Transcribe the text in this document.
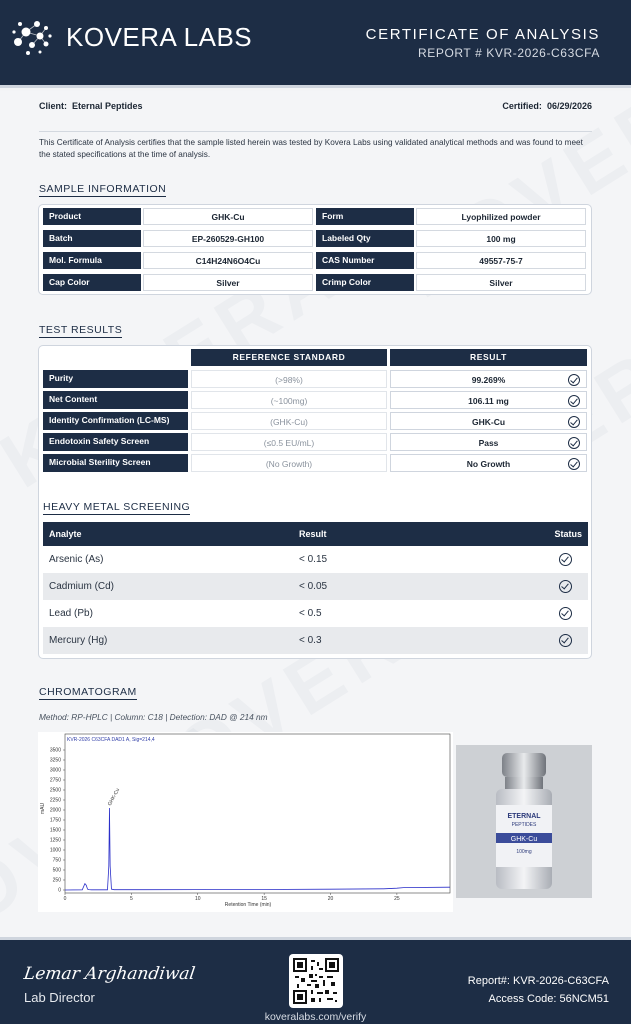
KOVERA LABS	CERTIFICATE OF ANALYSIS
REPORT # KVR-2026-C63CFA
Client: Eternal Peptides	Certified: 06/29/2026
This Certificate of Analysis certifies that the sample listed herein was tested by Kovera Labs using validated analytical methods and was found to meet the stated specifications at the time of analysis.
SAMPLE INFORMATION
Product	GHK-Cu	Form	Lyophilized powder
Batch	EP-260529-GH100	Labeled Qty	100 mg
Mol. Formula	C14H24N6O4Cu	CAS Number	49557-75-7
Cap Color	Silver	Crimp Color	Silver
TEST RESULTS
REFERENCE STANDARD	RESULT
Purity	(>98%)	99.269%
Net Content	(~100mg)	106.11 mg
Identity Confirmation (LC-MS)	(GHK-Cu)	GHK-Cu
Endotoxin Safety Screen	(≤0.5 EU/mL)	Pass
Microbial Sterility Screen	(No Growth)	No Growth
HEAVY METAL SCREENING
Analyte	Result	Status
Arsenic (As)	< 0.15
Cadmium (Cd)	< 0.05
Lead (Pb)	< 0.5
Mercury (Hg)	< 0.3
CHROMATOGRAM
Method: RP-HPLC | Column: C18 | Detection: DAD @ 214 nm
KVR-2026 C63CFA DAD1 A, Sig=214,4
mAU
Retention Time (min)
0
250
500
750
1000
1250
1500
1750
2000
2250
2500
2750
3000
3250
3500
0	5	10	15	20	25
GHK-Cu
ETERNAL
PEPTIDES
GHK-Cu
100mg
Lemar Arghandiwal
Lab Director
koveralabs.com/verify
Report#: KVR-2026-C63CFA
Access Code: 56NCM51
